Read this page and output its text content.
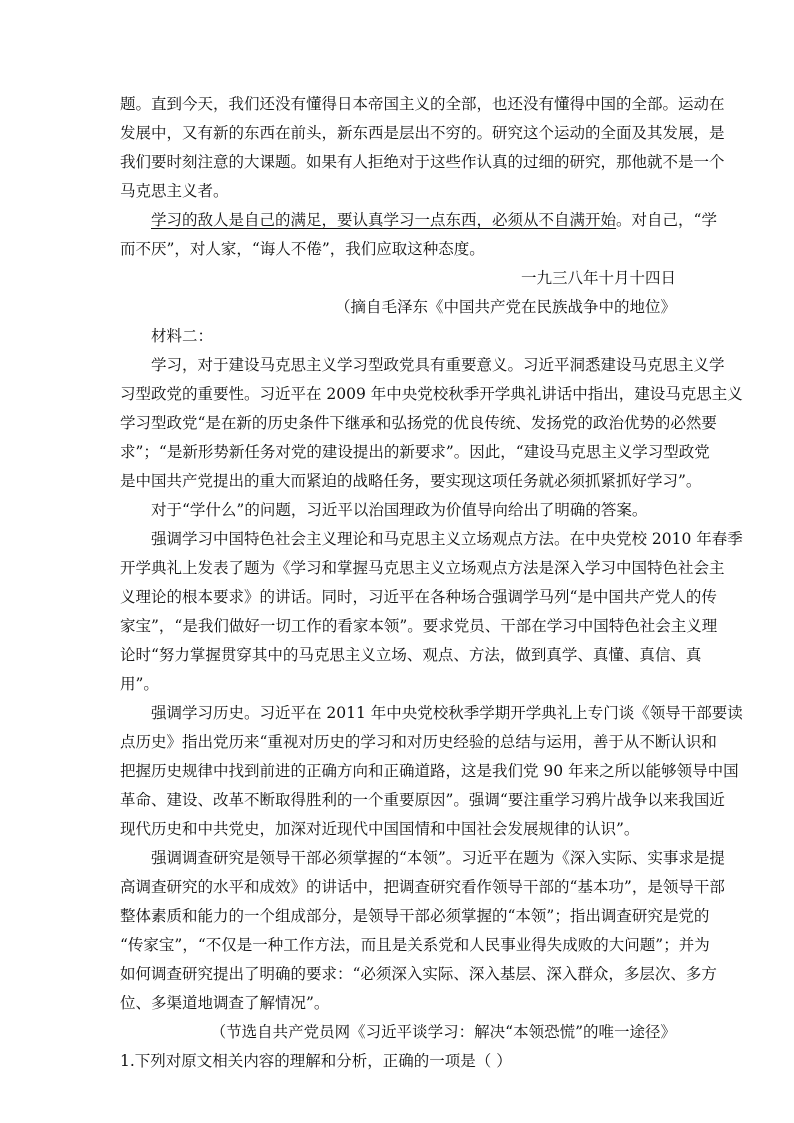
题。直到今天，我们还没有懂得日本帝国主义的全部，也还没有懂得中国的全部。运动在
发展中，又有新的东西在前头，新东西是层出不穷的。研究这个运动的全面及其发展，是
我们要时刻注意的大课题。如果有人拒绝对于这些作认真的过细的研究，那他就不是一个
马克思主义者。
学习的敌人是自己的满足，要认真学习一点东西，必须从不自满开始。对自己，“学
而不厌”，对人家，“诲人不倦”，我们应取这种态度。
一九三八年十月十四日
（摘自毛泽东《中国共产党在民族战争中的地位》
材料二：
学习，对于建设马克思主义学习型政党具有重要意义。习近平洞悉建设马克思主义学
习型政党的重要性。习近平在 2009 年中央党校秋季开学典礼讲话中指出，建设马克思主义
学习型政党“是在新的历史条件下继承和弘扬党的优良传统、发扬党的政治优势的必然要
求”；“是新形势新任务对党的建设提出的新要求”。因此，“建设马克思主义学习型政党
是中国共产党提出的重大而紧迫的战略任务，要实现这项任务就必须抓紧抓好学习”。
对于“学什么”的问题，习近平以治国理政为价值导向给出了明确的答案。
强调学习中国特色社会主义理论和马克思主义立场观点方法。在中央党校 2010 年春季
开学典礼上发表了题为《学习和掌握马克思主义立场观点方法是深入学习中国特色社会主
义理论的根本要求》的讲话。同时，习近平在各种场合强调学马列“是中国共产党人的传
家宝”，“是我们做好一切工作的看家本领”。要求党员、干部在学习中国特色社会主义理
论时“努力掌握贯穿其中的马克思主义立场、观点、方法，做到真学、真懂、真信、真
用”。
强调学习历史。习近平在 2011 年中央党校秋季学期开学典礼上专门谈《领导干部要读
点历史》指出党历来“重视对历史的学习和对历史经验的总结与运用，善于从不断认识和
把握历史规律中找到前进的正确方向和正确道路，这是我们党 90 年来之所以能够领导中国
革命、建设、改革不断取得胜利的一个重要原因”。强调“要注重学习鸦片战争以来我国近
现代历史和中共党史，加深对近现代中国国情和中国社会发展规律的认识”。
强调调查研究是领导干部必须掌握的“本领”。习近平在题为《深入实际、实事求是提
高调查研究的水平和成效》的讲话中，把调查研究看作领导干部的“基本功”，是领导干部
整体素质和能力的一个组成部分，是领导干部必须掌握的“本领”；指出调查研究是党的
“传家宝”，“不仅是一种工作方法，而且是关系党和人民事业得失成败的大问题”；并为
如何调查研究提出了明确的要求：“必须深入实际、深入基层、深入群众，多层次、多方
位、多渠道地调查了解情况”。
（节选自共产党员网《习近平谈学习：解决“本领恐慌”的唯一途径》
1.下列对原文相关内容的理解和分析，正确的一项是（ ）
